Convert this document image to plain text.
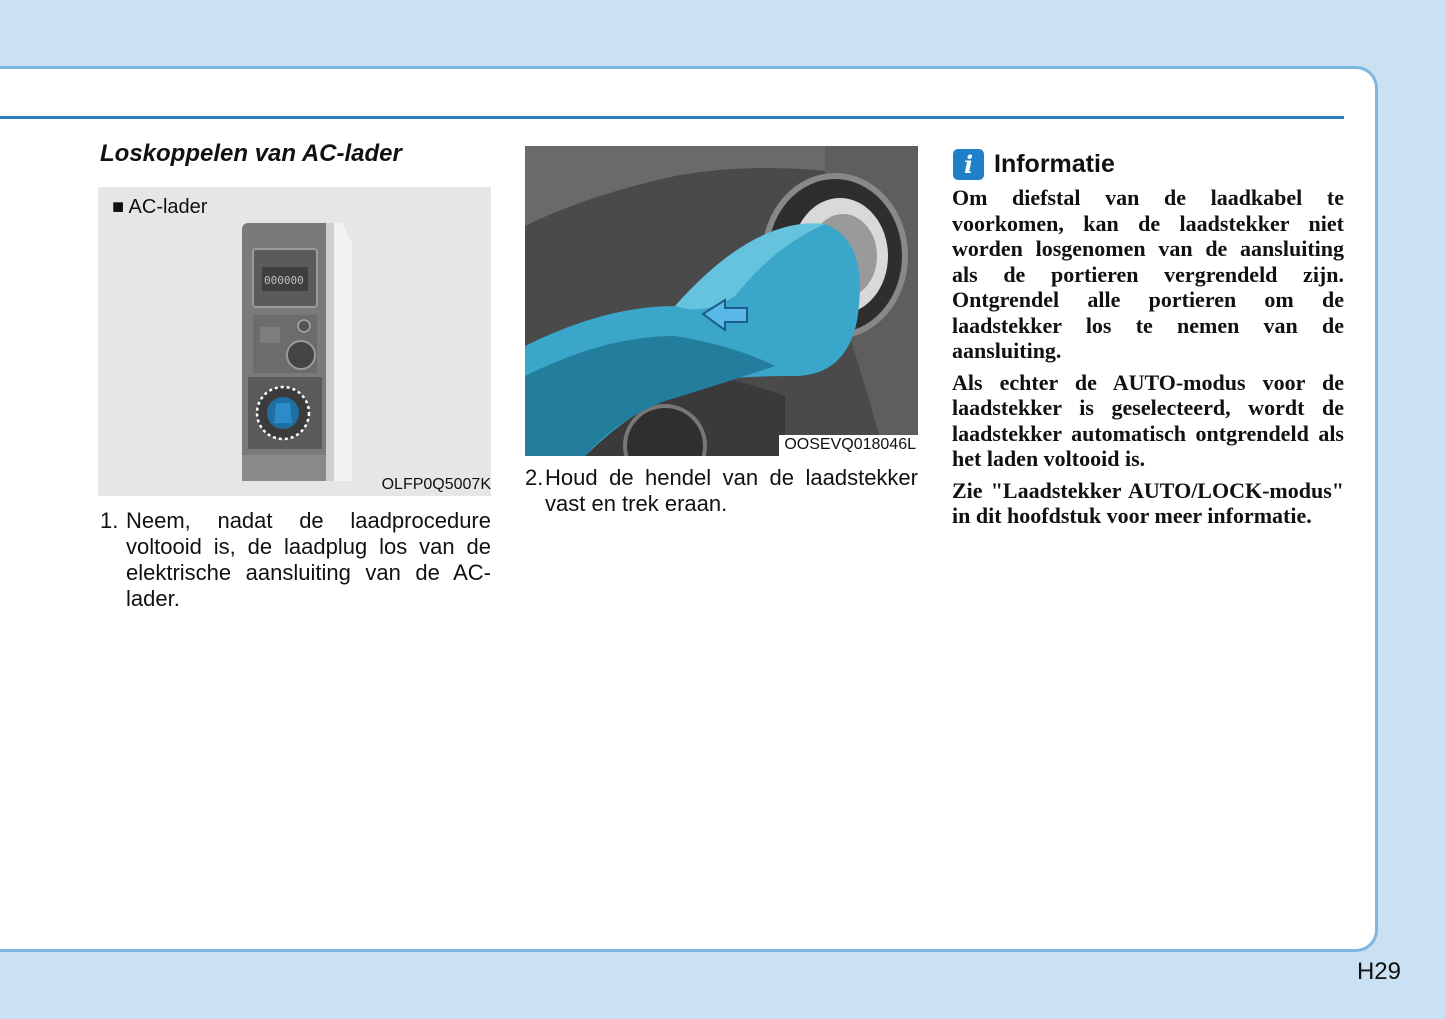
Loskoppelen van AC-lader
■ AC-lader
000000
OLFP0Q5007K
OOSEVQ018046L

1. Neem, nadat de laadprocedure voltooid is, de laadplug los van de elektrische aansluiting van de AC-lader.

2. Houd de hendel van de laadstekker vast en trek eraan.

i Informatie

Om diefstal van de laadkabel te voorkomen, kan de laadstekker niet worden losgenomen van de aansluiting als de portieren vergrendeld zijn. Ontgrendel alle portieren om de laadstekker los te nemen van de aansluiting.

Als echter de AUTO-modus voor de laadstekker is geselecteerd, wordt de laadstekker automatisch ontgrendeld als het laden voltooid is.

Zie "Laadstekker AUTO/LOCK-modus" in dit hoofdstuk voor meer informatie.

H29
